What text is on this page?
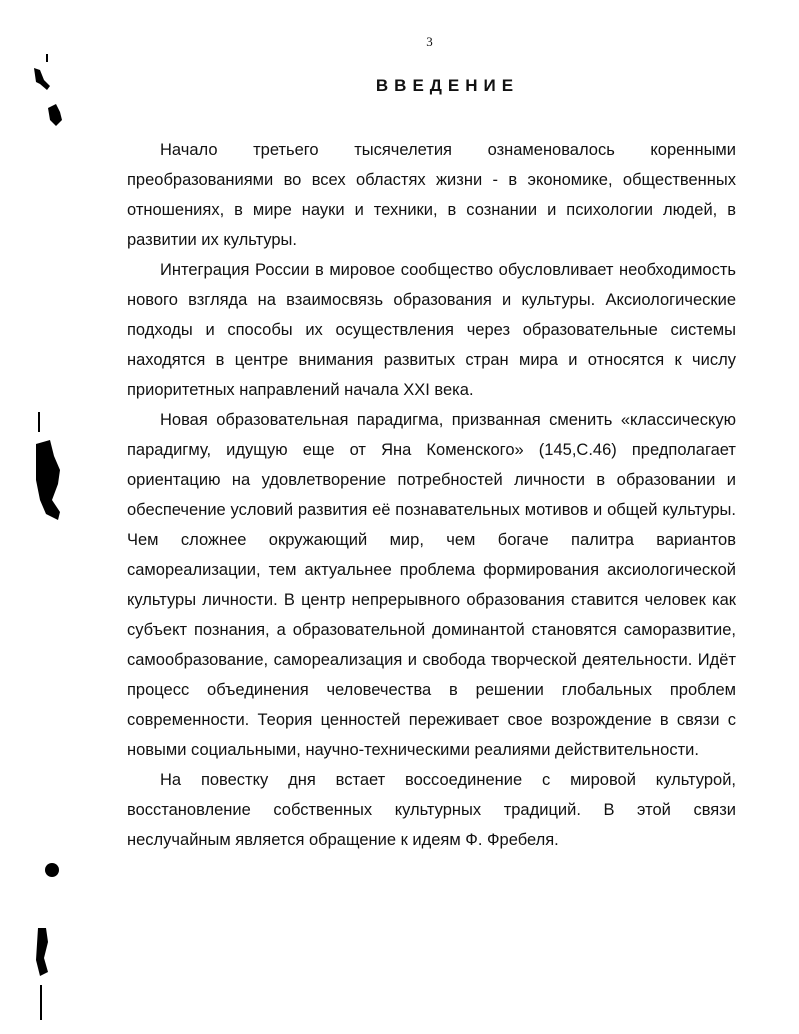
3
ВВЕДЕНИЕ

Начало третьего тысячелетия ознаменовалось коренными преобразованиями во всех областях жизни - в экономике, общественных отношениях, в мире науки и техники, в сознании и психологии людей, в развитии их культуры.

Интеграция России в мировое сообщество обусловливает необходимость нового взгляда на взаимосвязь образования и культуры. Аксиологические подходы и способы их осуществления через образовательные системы находятся в центре внимания развитых стран мира и относятся к числу приоритетных направлений начала XXI века.

Новая образовательная парадигма, призванная сменить «классическую парадигму, идущую еще от Яна Коменского» (145,С.46) предполагает ориентацию на удовлетворение потребностей личности в образовании и обеспечение условий развития её познавательных мотивов и общей культуры. Чем сложнее окружающий мир, чем богаче палитра вариантов самореализации, тем актуальнее проблема формирования аксиологической культуры личности. В центр непрерывного образования ставится человек как субъект познания, а образовательной доминантой становятся саморазвитие, самообразование, самореализация и свобода творческой деятельности. Идёт процесс объединения человечества в решении глобальных проблем современности. Теория ценностей переживает свое возрождение в связи с новыми социальными, научно-техническими реалиями действительности.

На повестку дня встает воссоединение с мировой культурой, восстановление собственных культурных традиций. В этой связи неслучайным является обращение к идеям Ф. Фребеля.
